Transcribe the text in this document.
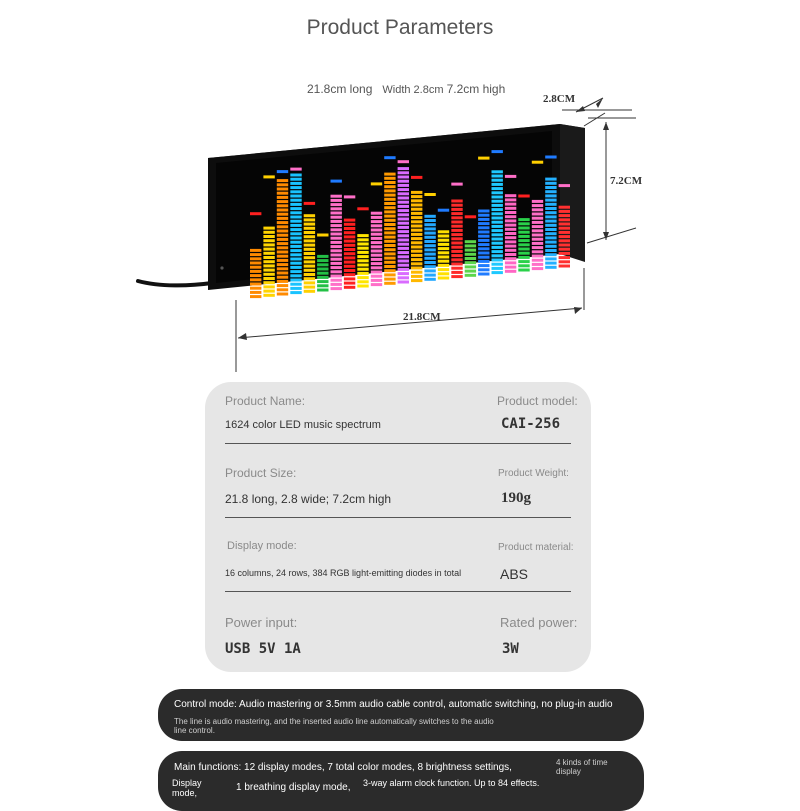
Product Parameters
21.8cm long Width 2.8cm 7.2cm high
2.8CM
7.2CM
21.8CM
Product Name:	Product model:
1624 color LED music spectrum	CAI-256
Product Size:	Product Weight:
21.8 long, 2.8 wide; 7.2cm high	190g
Display mode:	Product material:
16 columns, 24 rows, 384 RGB light-emitting diodes in total	ABS
Power input:	Rated power:
USB 5V 1A	3W
Control mode: Audio mastering or 3.5mm audio cable control, automatic switching, no plug-in audio
The line is audio mastering, and the inserted audio line automatically switches to the audio line control.
Main functions: 12 display modes, 7 total color modes, 8 brightness settings,	4 kinds of time display
Display mode,	1 breathing display mode, 3-way alarm clock function. Up to 84 effects.
